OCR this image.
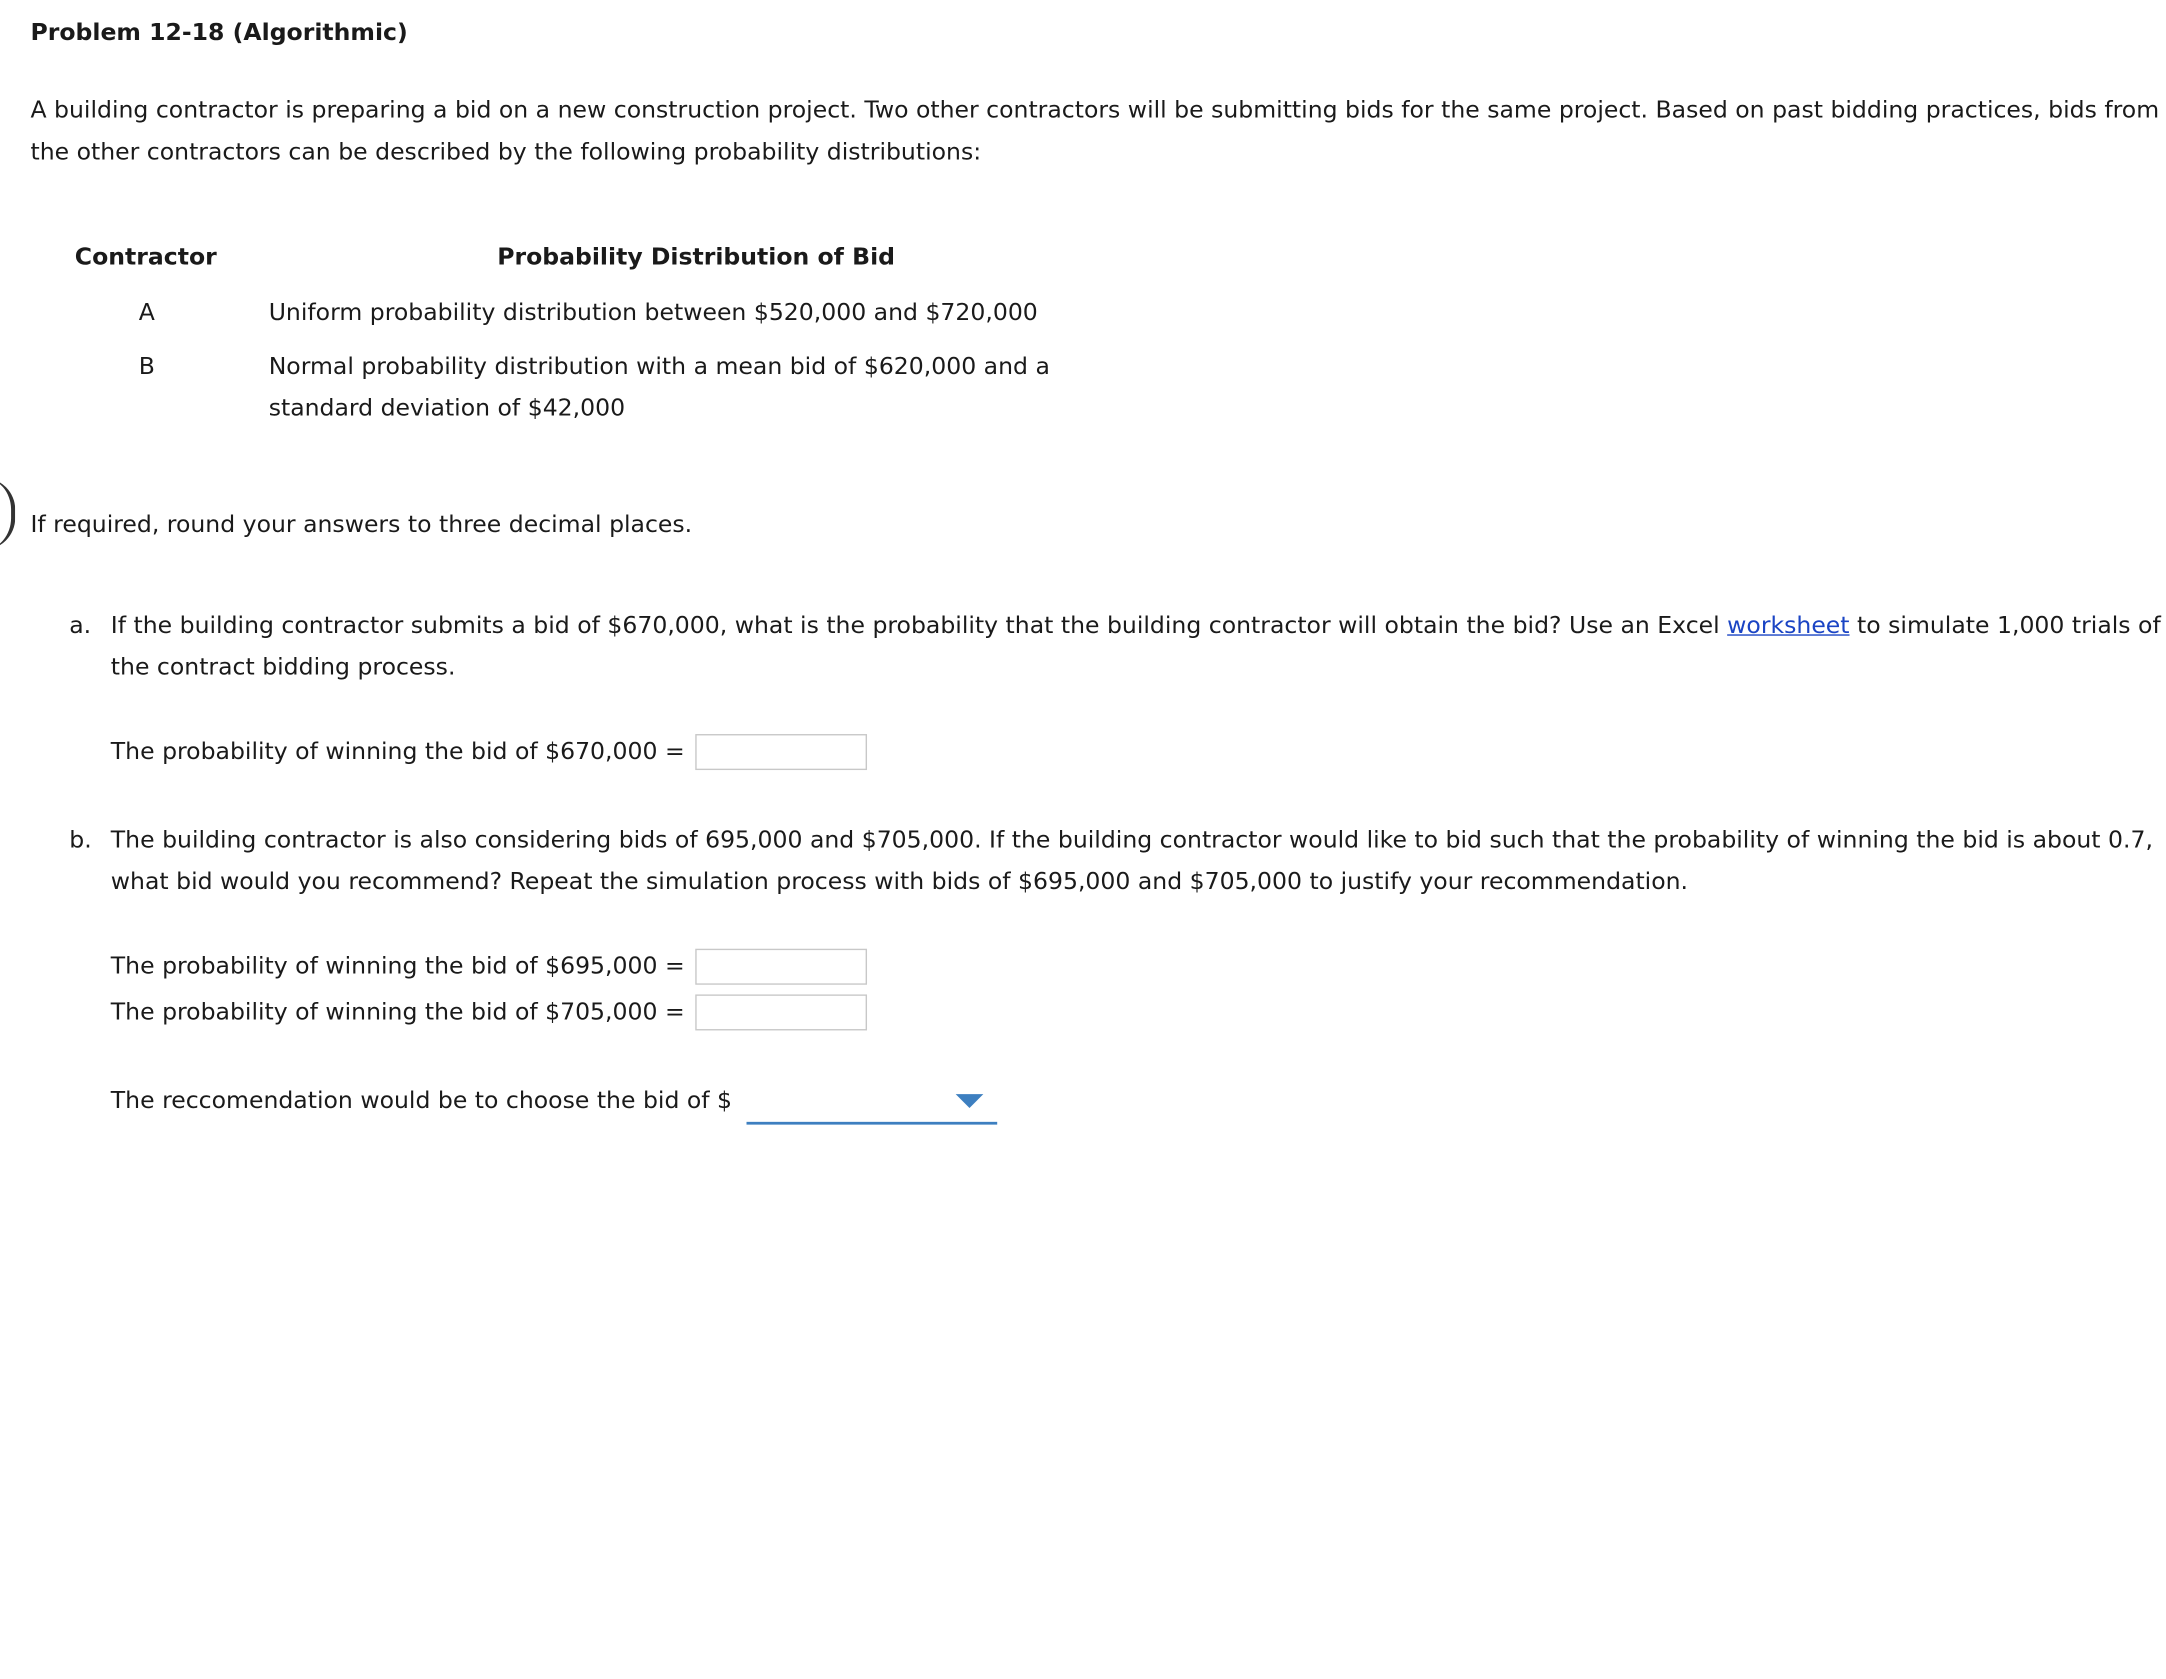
Problem 12-18 (Algorithmic)
A building contractor is preparing a bid on a new construction project. Two other contractors will be submitting bids for the same project. Based on past bidding practices, bids from the other contractors can be described by the following probability distributions:
Contractor	Probability Distribution of Bid
A	Uniform probability distribution between $520,000 and $720,000
B	Normal probability distribution with a mean bid of $620,000 and a standard deviation of $42,000
If required, round your answers to three decimal places.
a. If the building contractor submits a bid of $670,000, what is the probability that the building contractor will obtain the bid? Use an Excel worksheet to simulate 1,000 trials of the contract bidding process.
The probability of winning the bid of $670,000 =
b. The building contractor is also considering bids of 695,000 and $705,000. If the building contractor would like to bid such that the probability of winning the bid is about 0.7, what bid would you recommend? Repeat the simulation process with bids of $695,000 and $705,000 to justify your recommendation.
The probability of winning the bid of $695,000 =
The probability of winning the bid of $705,000 =
The reccomendation would be to choose the bid of $
